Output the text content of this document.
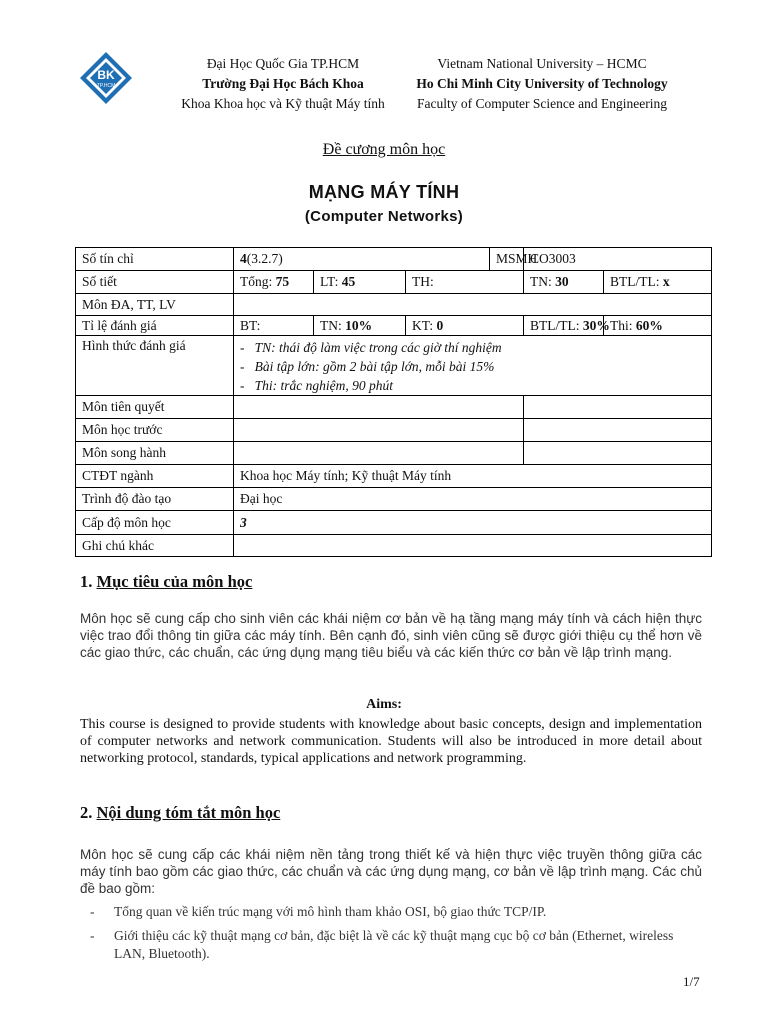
BK
TP.HCM
Đại Học Quốc Gia TP.HCM
Trường Đại Học Bách Khoa
Khoa Khoa học và Kỹ thuật Máy tính
Vietnam National University – HCMC
Ho Chi Minh City University of Technology
Faculty of Computer Science and Engineering
Đề cương môn học
MẠNG MÁY TÍNH
(Computer Networks)
Số tín chỉ	4(3.2.7)			MSMH	CO3003	
Số tiết	Tổng: 75	LT: 45	TH:		TN: 30	BTL/TL: x
Môn ĐA, TT, LV						
Tỉ lệ đánh giá	BT:	TN: 10%	KT: 0		BTL/TL: 30%	Thi: 60%
Hình thức đánh giá	-   TN: thái độ làm việc trong các giờ thí nghiệm
-   Bài tập lớn: gồm 2 bài tập lớn, mỗi bài 15%
-   Thi: trắc nghiệm, 90 phút					

Môn tiên quyết						
Môn học trước						
Môn song hành						
CTĐT ngành	Khoa học Máy tính; Kỹ thuật Máy tính					
Trình độ đào tạo	Đại học					
Cấp độ môn học	3					
Ghi chú khác						
1. Mục tiêu của môn học
Môn học sẽ cung cấp cho sinh viên các khái niệm cơ bản về hạ tầng mạng máy tính và cách hiện thực việc trao đổi thông tin giữa các máy tính. Bên cạnh đó, sinh viên cũng sẽ được giới thiệu cụ thể hơn về các giao thức, các chuẩn, các ứng dụng mạng tiêu biểu và các kiến thức cơ bản về lập trình mạng.
Aims:
This course is designed to provide students with knowledge about basic concepts, design and implementation of computer networks and network communication. Students will also be introduced in more detail about networking protocol, standards, typical applications and network programming.
2. Nội dung tóm tắt môn học
Môn học sẽ cung cấp các khái niệm nền tảng trong thiết kế và hiện thực việc truyền thông giữa các máy tính bao gồm các giao thức, các chuẩn và các ứng dụng mạng, cơ bản về lập trình mạng. Các chủ đề bao gồm:
- Tổng quan về kiến trúc mạng với mô hình tham khảo OSI, bộ giao thức TCP/IP.
- Giới thiệu các kỹ thuật mạng cơ bản, đặc biệt là về các kỹ thuật mạng cục bộ cơ bản (Ethernet, wireless LAN, Bluetooth).
1/7
